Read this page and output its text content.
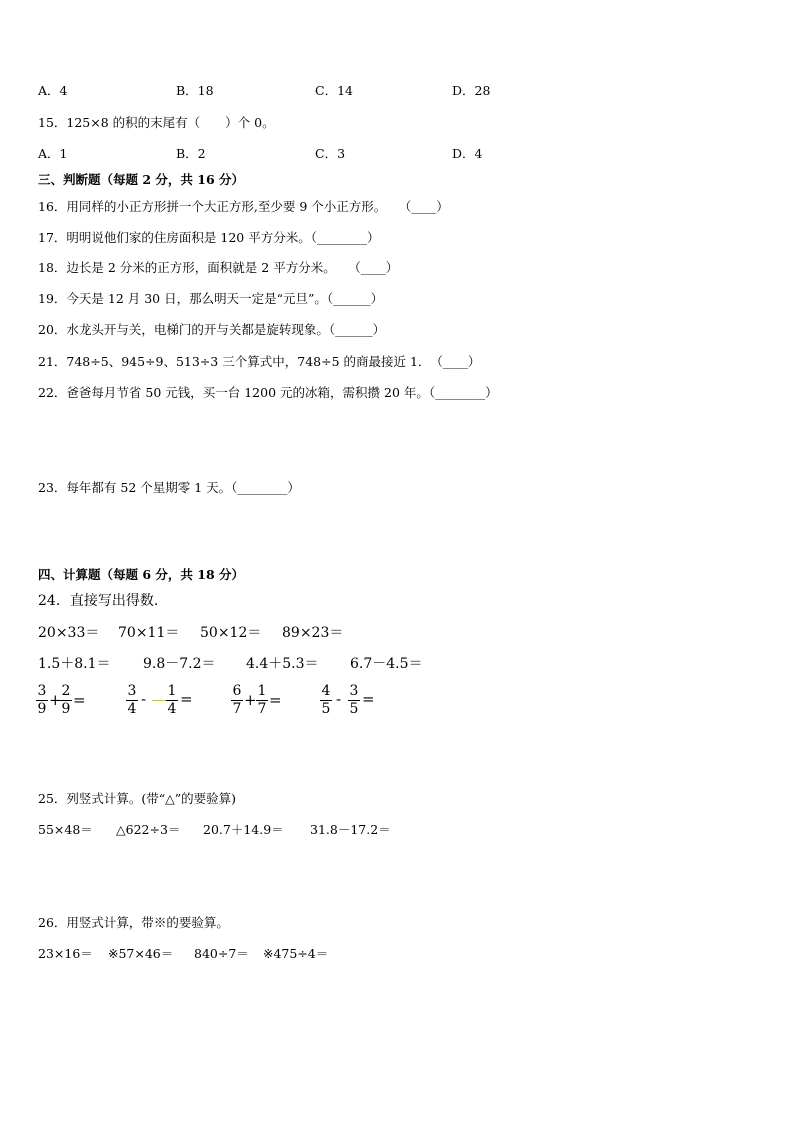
A．4	B．18	C．14	D．28
15．125×8 的积的末尾有（　　）个 0。
A．1	B．2	C．3	D．4
三、判断题（每题 2 分，共 16 分）
16．用同样的小正方形拼一个大正方形,至少要 9 个小正方形。　　（____）
17．明明说他们家的住房面积是 120 平方分米。（________）
18．边长是 2 分米的正方形，面积就是 2 平方分米。　　（____）
19．今天是 12 月 30 日，那么明天一定是“元旦”。（______）
20．水龙头开与关，电梯门的开与关都是旋转现象。（______）
21．748÷5、945÷9、513÷3 三个算式中，748÷5 的商最接近 1．　（____）
22．爸爸每月节省 50 元钱，买一台 1200 元的冰箱，需积攒 20 年。（________）
23．每年都有 52 个星期零 1 天。（________）
四、计算题（每题 6 分，共 18 分）
24．直接写出得数.
20×33＝ 70×11＝ 50×12＝ 89×23＝
1.5＋8.1＝ 9.8－7.2＝ 4.4＋5.3＝ 6.7－4.5＝
3
9 + 2
9 =	3
4
- 1
4
=	6
7 + 1
7 =	4
5
- 3
5
=
25．列竖式计算。(带“△”的要验算)
55×48＝ △622÷3＝ 20.7＋14.9＝ 31.8－17.2＝
26．用竖式计算，带※的要验算。
23×16＝ ※57×46＝ 840÷7＝ ※475÷4＝
